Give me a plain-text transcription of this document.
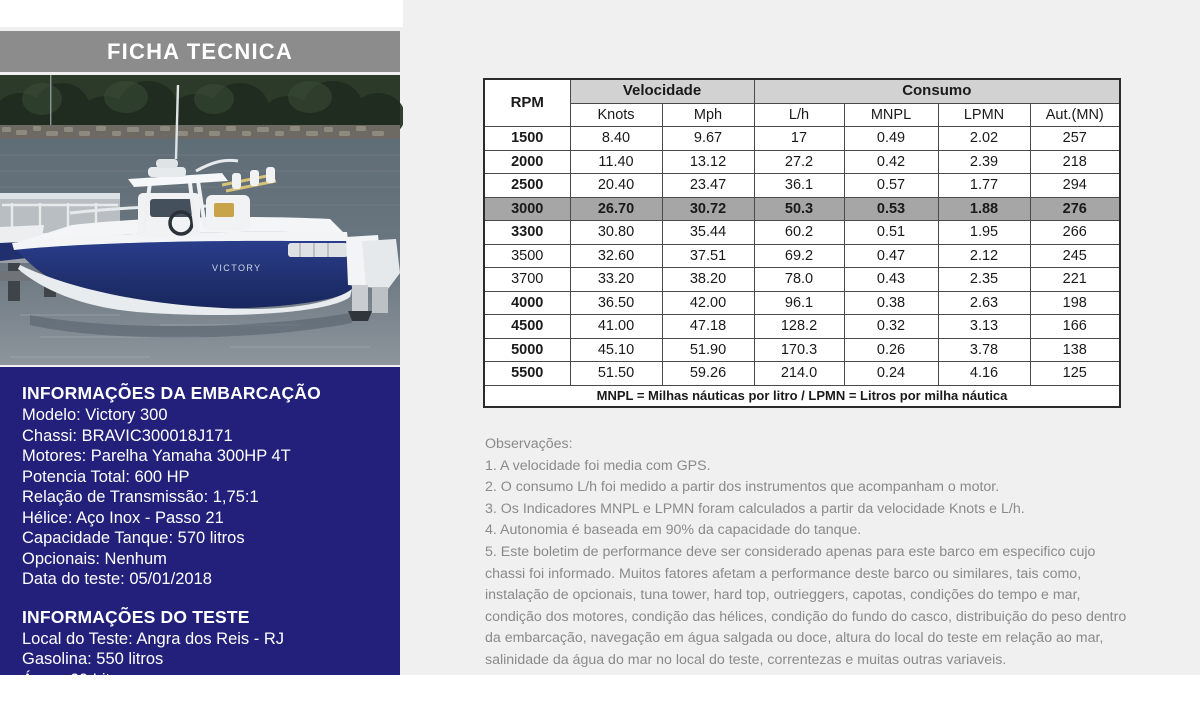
FICHA TECNICA
VICTORY
INFORMAÇÕES DA EMBARCAÇÃO

Modelo: Victory 300

Chassi: BRAVIC300018J171

Motores: Parelha Yamaha 300HP 4T

Potencia Total: 600 HP

Relação de Transmissão: 1,75:1

Hélice: Aço Inox - Passo 21

Capacidade Tanque: 570 litros

Opcionais: Nenhum

Data do teste: 05/01/2018

INFORMAÇÕES DO TESTE

Local do Teste: Angra dos Reis - RJ

Gasolina: 550 litros

Água: 60 Litros

Tripulantes a bordo: (2) 180 Kgs

RPM	Velocidade		Consumo			
	Knots	Mph	L/h	MNPL	LPMN	Aut.(MN)
1500	8.40	9.67	17	0.49	2.02	257
2000	11.40	13.12	27.2	0.42	2.39	218
2500	20.40	23.47	36.1	0.57	1.77	294
3000	26.70	30.72	50.3	0.53	1.88	276
3300	30.80	35.44	60.2	0.51	1.95	266
3500	32.60	37.51	69.2	0.47	2.12	245
3700	33.20	38.20	78.0	0.43	2.35	221
4000	36.50	42.00	96.1	0.38	2.63	198
4500	41.00	47.18	128.2	0.32	3.13	166
5000	45.10	51.90	170.3	0.26	3.78	138
5500	51.50	59.26	214.0	0.24	4.16	125
MNPL = Milhas náuticas por litro / LPMN = Litros por milha náutica						

Observações:

1. A velocidade foi media com GPS.

2. O consumo L/h foi medido a partir dos instrumentos que acompanham o motor.

3. Os Indicadores MNPL e LPMN foram calculados a partir da velocidade Knots e L/h.

4. Autonomia é baseada em 90% da capacidade do tanque.

5. Este boletim de performance deve ser considerado apenas para este barco em especifico cujo chassi foi informado. Muitos fatores afetam a performance deste barco ou similares, tais como, instalação de opcionais, tuna tower, hard top, outrieggers, capotas, condições do tempo e mar, condição dos motores, condição das hélices, condição do fundo do casco, distribuição do peso dentro da embarcação, navegação em água salgada ou doce, altura do local do teste em relação ao mar, salinidade da água do mar no local do teste, correntezas e muitas outras variaveis.
